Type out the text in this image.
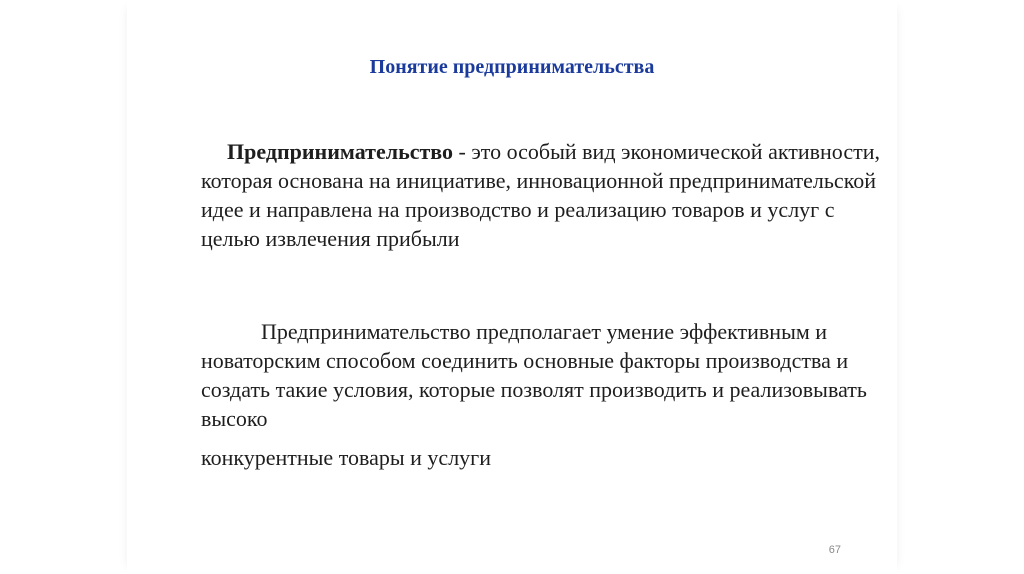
Понятие предпринимательства

Предпринимательство - это особый вид экономической активности, которая основана на инициативе, инновационной предпринимательской идее и направлена на производство и реализацию товаров и услуг с целью извлечения прибыли

Предпринимательство предполагает умение эффективным и новаторским способом соединить основные факторы производства и создать такие условия, которые позволят производить и реализовывать высоко
конкурентные товары и услуги

67
